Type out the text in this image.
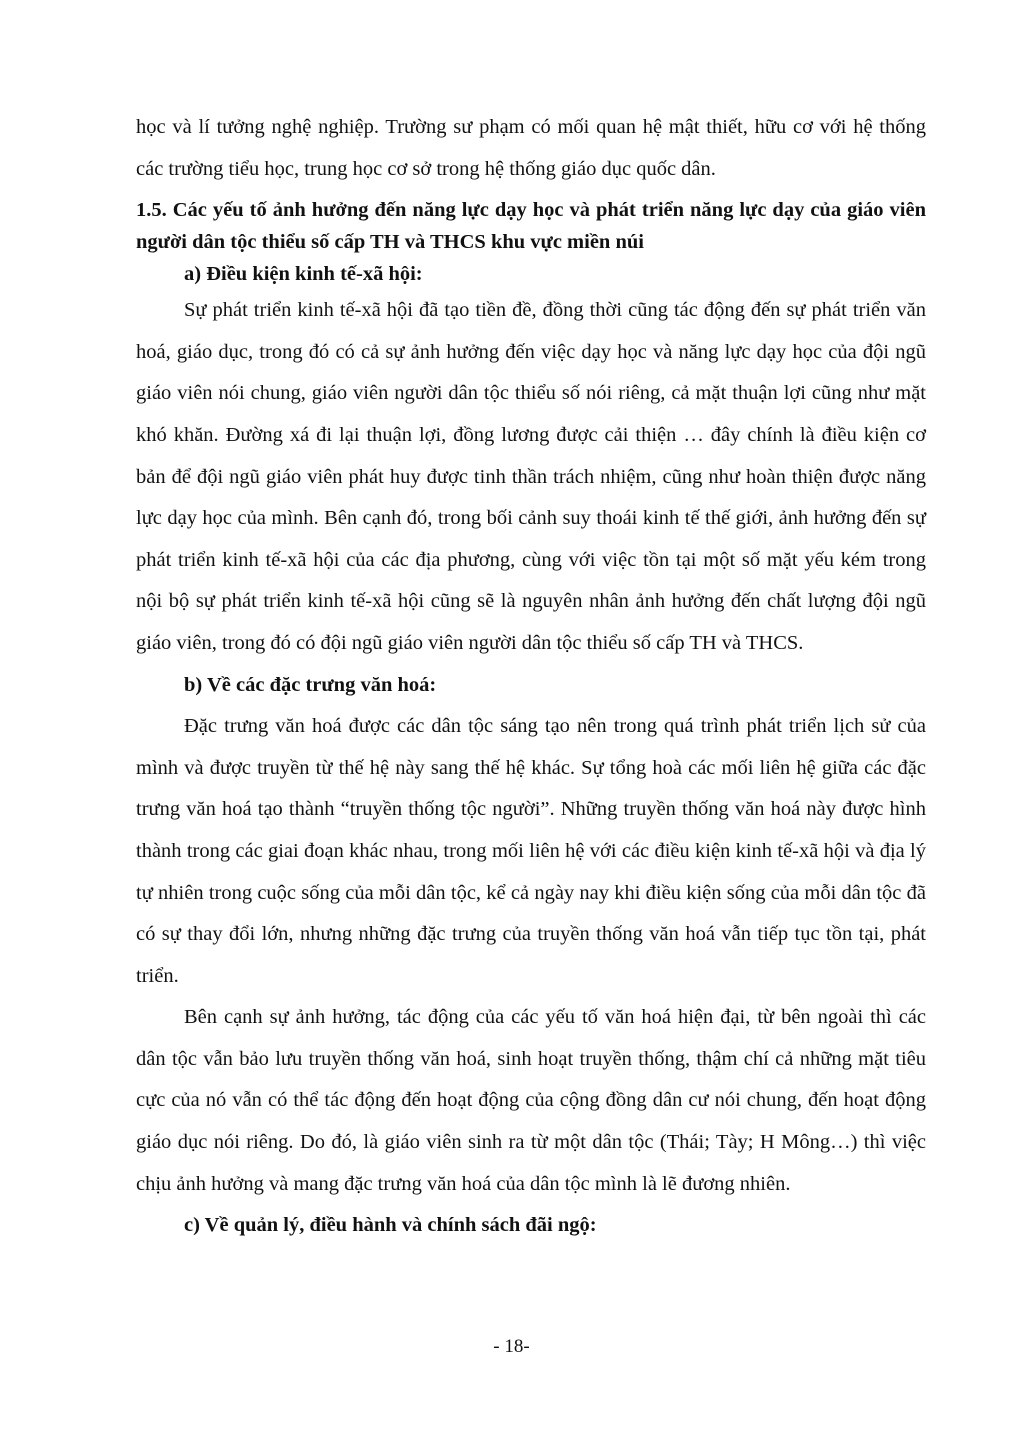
học và lí tưởng nghệ nghiệp. Trường sư phạm có mối quan hệ mật thiết, hữu cơ với hệ thống các trường tiểu học, trung học cơ sở trong hệ thống giáo dục quốc dân.

1.5. Các yếu tố ảnh hưởng đến năng lực dạy học và phát triển năng lực dạy của giáo viên người dân tộc thiểu số cấp TH và THCS khu vực miền núi

a) Điều kiện kinh tế-xã hội:

Sự phát triển kinh tế-xã hội đã tạo tiền đề, đồng thời cũng tác động đến sự phát triển văn hoá, giáo dục, trong đó có cả sự ảnh hưởng đến việc dạy học và năng lực dạy học của đội ngũ giáo viên nói chung, giáo viên người dân tộc thiểu số nói riêng, cả mặt thuận lợi cũng như mặt khó khăn. Đường xá đi lại thuận lợi, đồng lương được cải thiện … đây chính là điều kiện cơ bản để đội ngũ giáo viên phát huy được tinh thần trách nhiệm, cũng như hoàn thiện được năng lực dạy học của mình. Bên cạnh đó, trong bối cảnh suy thoái kinh tế thế giới, ảnh hưởng đến sự phát triển kinh tế-xã hội của các địa phương, cùng với việc tồn tại một số mặt yếu kém trong nội bộ sự phát triển kinh tế-xã hội cũng sẽ là nguyên nhân ảnh hưởng đến chất lượng đội ngũ giáo viên, trong đó có đội ngũ giáo viên người dân tộc thiểu số cấp TH và THCS.

b) Về các đặc trưng văn hoá:

Đặc trưng văn hoá được các dân tộc sáng tạo nên trong quá trình phát triển lịch sử của mình và được truyền từ thế hệ này sang thế hệ khác. Sự tổng hoà các mối liên hệ giữa các đặc trưng văn hoá tạo thành “truyền thống tộc người”. Những truyền thống văn hoá này được hình thành trong các giai đoạn khác nhau, trong mối liên hệ với các điều kiện kinh tế-xã hội và địa lý tự nhiên trong cuộc sống của mỗi dân tộc, kể cả ngày nay khi điều kiện sống của mỗi dân tộc đã có sự thay đổi lớn, nhưng những đặc trưng của truyền thống văn hoá vẫn tiếp tục tồn tại, phát triển.

Bên cạnh sự ảnh hưởng, tác động của các yếu tố văn hoá hiện đại, từ bên ngoài thì các dân tộc vẫn bảo lưu truyền thống văn hoá, sinh hoạt truyền thống, thậm chí cả những mặt tiêu cực của nó vẫn có thể tác động đến hoạt động của cộng đồng dân cư nói chung, đến hoạt động giáo dục nói riêng. Do đó, là giáo viên sinh ra từ một dân tộc (Thái; Tày; H Mông…) thì việc chịu ảnh hưởng và mang đặc trưng văn hoá của dân tộc mình là lẽ đương nhiên.

c) Về quản lý, điều hành và chính sách đãi ngộ:

- 18-
